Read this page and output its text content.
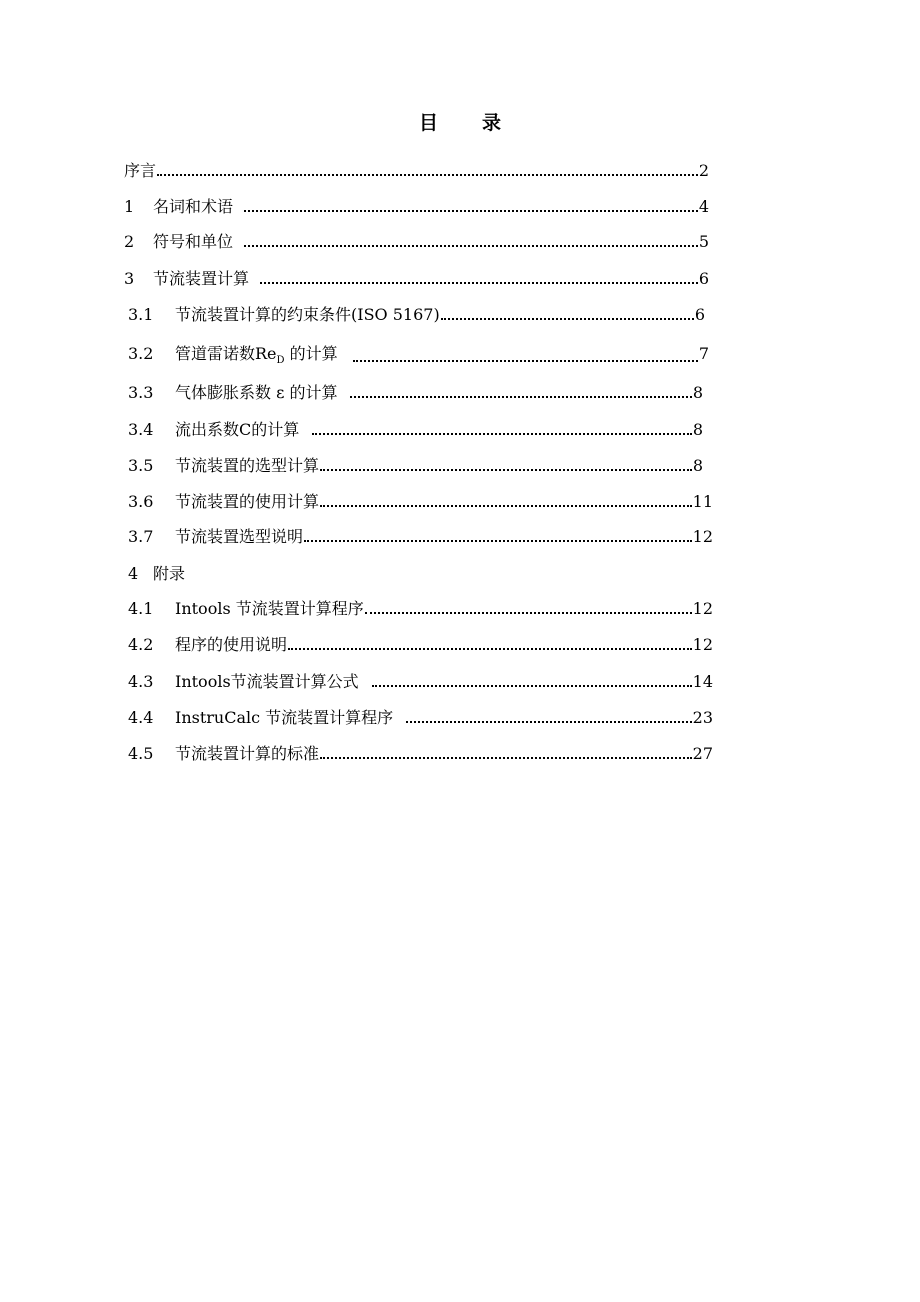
目 录
序言	2
1	名词和术语	4
2	符号和单位	5
3	节流装置计算	6
3.1	节流装置计算的约束条件(ISO 5167)	6
3.2	管道雷诺数$Re_D$ 的计算	7
3.3	气体膨胀系数 ε 的计算	8
3.4	流出系数C的计算	8
3.5	节流装置的选型计算	8
3.6	节流装置的使用计算	11
3.7	节流装置选型说明	12
4 附录
4.1	Intools 节流装置计算程序	12
4.2	程序的使用说明	12
4.3	Intools节流装置计算公式	14
4.4	InstruCalc 节流装置计算程序	23
4.5	节流装置计算的标准	27
